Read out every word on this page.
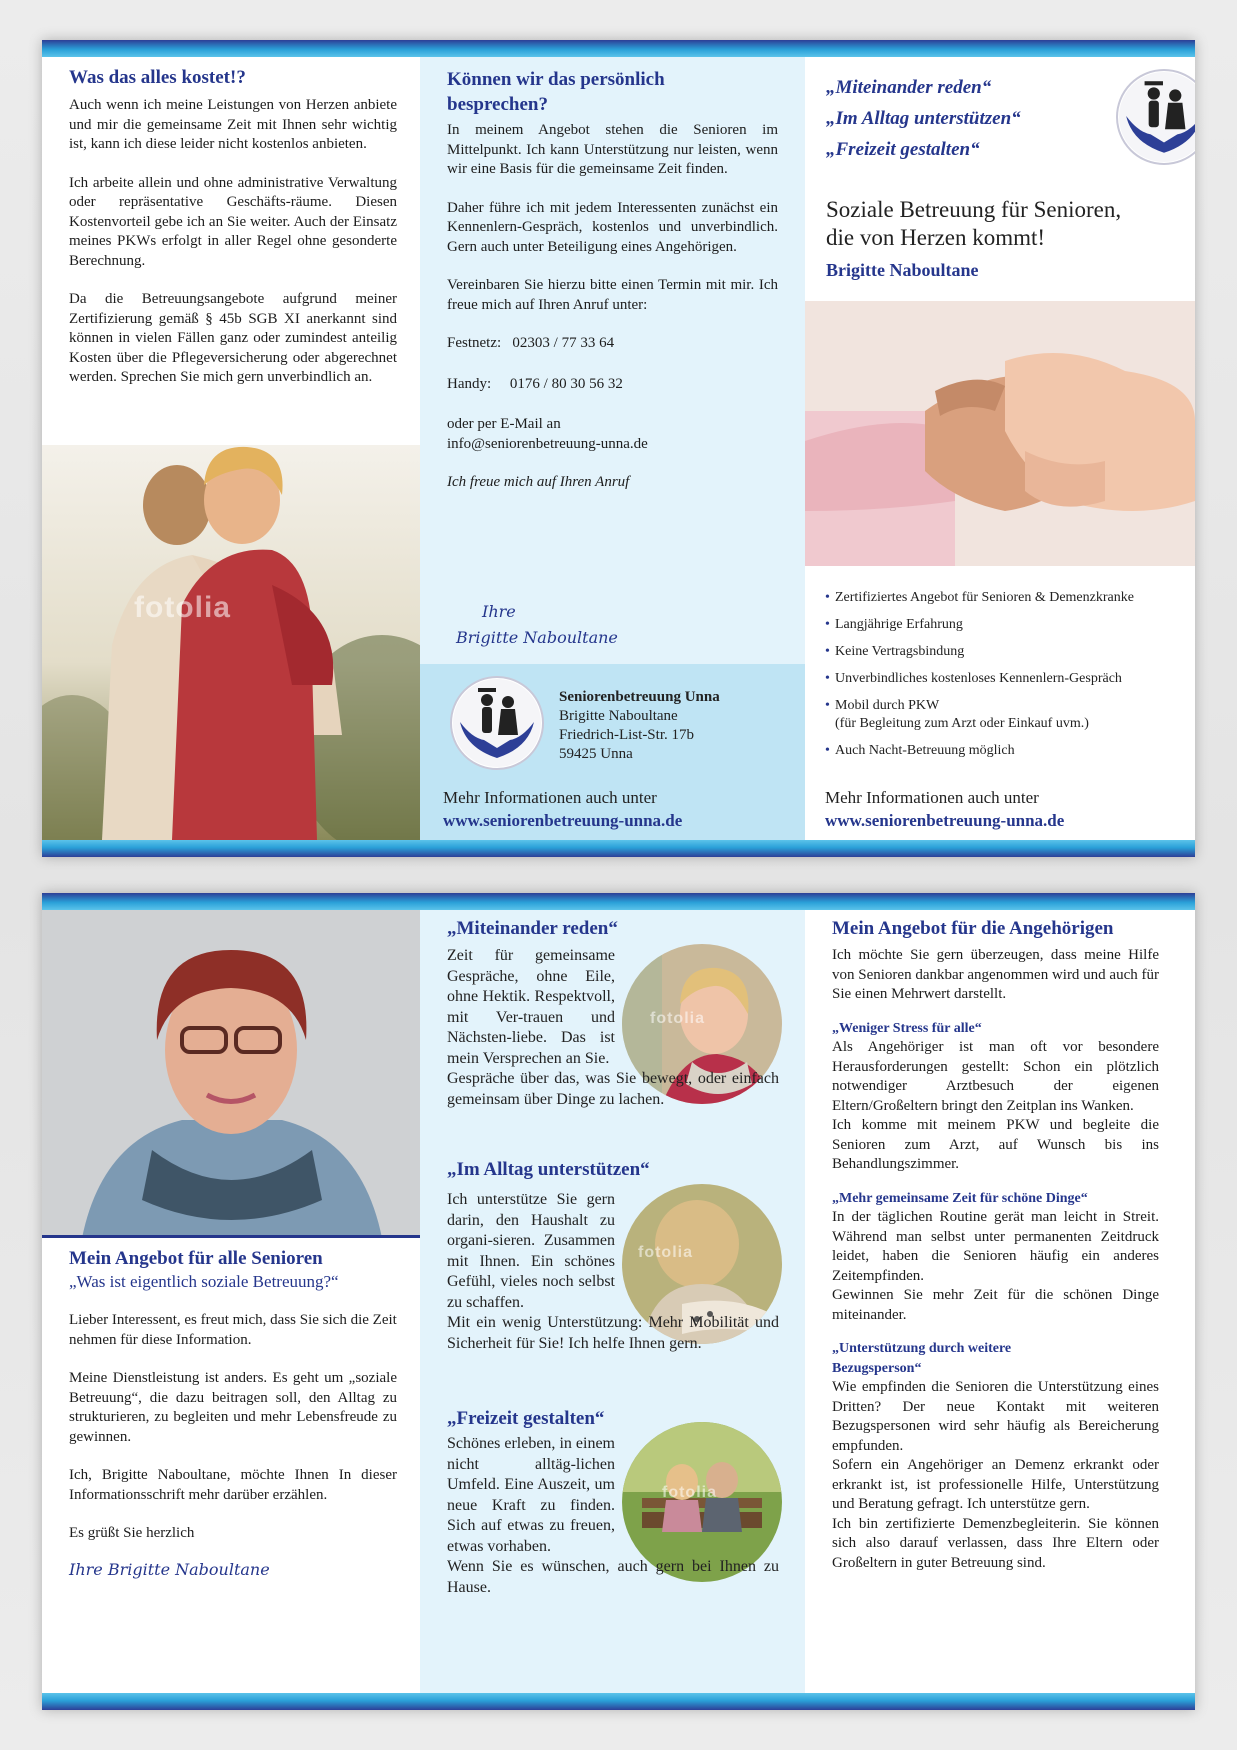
Was das alles kostet!?

Auch wenn ich meine Leistungen von Herzen anbiete und mir die gemeinsame Zeit mit Ihnen sehr wichtig ist, kann ich diese leider nicht kostenlos anbieten.

Ich arbeite allein und ohne administrative Verwaltung oder repräsentative Geschäfts-räume. Diesen Kostenvorteil gebe ich an Sie weiter. Auch der Einsatz meines PKWs erfolgt in aller Regel ohne gesonderte Berechnung.

Da die Betreuungsangebote aufgrund meiner Zertifizierung gemäß § 45b SGB XI anerkannt sind können in vielen Fällen ganz oder zumindest anteilig Kosten über die Pflegeversicherung oder abgerechnet werden. Sprechen Sie mich gern unverbindlich an.

fotolia
Können wir das persönlich besprechen?

In meinem Angebot stehen die Senioren im Mittelpunkt. Ich kann Unterstützung nur leisten, wenn wir eine Basis für die gemeinsame Zeit finden.

Daher führe ich mit jedem Interessenten zunächst ein Kennenlern-Gespräch, kostenlos und unverbindlich. Gern auch unter Beteiligung eines Angehörigen.

Vereinbaren Sie hierzu bitte einen Termin mit mir. Ich freue mich auf Ihren Anruf unter:

Festnetz: 02303 / 77 33 64

Handy: 0176 / 80 30 56 32

oder per E-Mail an
info@seniorenbetreuung-unna.de

Ich freue mich auf Ihren Anruf

Ihre
Brigitte Naboultane
Seniorenbetreuung Unna
Brigitte Naboultane
Friedrich-List-Str. 17b
59425 Unna
Mehr Informationen auch unter
www.seniorenbetreuung-unna.de
„Miteinander reden“
„Im Alltag unterstützen“
„Freizeit gestalten“
Soziale Betreuung für Senioren,
die von Herzen kommt!
Brigitte Naboultane
• Zertifiziertes Angebot für Senioren & Demenzkranke
• Langjährige Erfahrung
• Keine Vertragsbindung
• Unverbindliches kostenloses Kennenlern-Gespräch
• Mobil durch PKW
(für Begleitung zum Arzt oder Einkauf uvm.)
• Auch Nacht-Betreuung möglich
Mehr Informationen auch unter
www.seniorenbetreuung-unna.de
Mein Angebot für alle Senioren
„Was ist eigentlich soziale Betreuung?“

Lieber Interessent, es freut mich, dass Sie sich die Zeit nehmen für diese Information.

Meine Dienstleistung ist anders. Es geht um „soziale Betreuung“, die dazu beitragen soll, den Alltag zu strukturieren, zu begleiten und mehr Lebensfreude zu gewinnen.

Ich, Brigitte Naboultane, möchte Ihnen In dieser Informationsschrift mehr darüber erzählen.

Es grüßt Sie herzlich

Ihre Brigitte Naboultane
„Miteinander reden“
fotolia
Zeit für gemeinsame Gespräche, ohne Eile, ohne Hektik. Respektvoll, mit Ver-trauen und Nächsten-liebe. Das ist mein Versprechen an Sie.
Gespräche über das, was Sie bewegt, oder einfach gemeinsam über Dinge zu lachen.
„Im Alltag unterstützen“
fotolia
Ich unterstütze Sie gern darin, den Haushalt zu organi-sieren. Zusammen mit Ihnen. Ein schönes Gefühl, vieles noch selbst zu schaffen.
Mit ein wenig Unterstützung: Mehr Mobilität und Sicherheit für Sie! Ich helfe Ihnen gern.
„Freizeit gestalten“
fotolia
Schönes erleben, in einem nicht alltäg-lichen Umfeld. Eine Auszeit, um neue Kraft zu finden. Sich auf etwas zu freuen, etwas vorhaben.
Wenn Sie es wünschen, auch gern bei Ihnen zu Hause.
Mein Angebot für die Angehörigen

Ich möchte Sie gern überzeugen, dass meine Hilfe von Senioren dankbar angenommen wird und auch für Sie einen Mehrwert darstellt.

„Weniger Stress für alle“
Als Angehöriger ist man oft vor besondere Herausforderungen gestellt: Schon ein plötzlich notwendiger Arztbesuch der eigenen Eltern/Großeltern bringt den Zeitplan ins Wanken.
Ich komme mit meinem PKW und begleite die Senioren zum Arzt, auf Wunsch bis ins Behandlungszimmer.
„Mehr gemeinsame Zeit für schöne Dinge“
In der täglichen Routine gerät man leicht in Streit. Während man selbst unter permanenten Zeitdruck leidet, haben die Senioren häufig ein anderes Zeitempfinden.
Gewinnen Sie mehr Zeit für die schönen Dinge miteinander.
„Unterstützung durch weitere Bezugsperson“
Wie empfinden die Senioren die Unterstützung eines Dritten? Der neue Kontakt mit weiteren Bezugspersonen wird sehr häufig als Bereicherung empfunden.
Sofern ein Angehöriger an Demenz erkrankt oder erkrankt ist, ist professionelle Hilfe, Unterstützung und Beratung gefragt. Ich unterstütze gern.
Ich bin zertifizierte Demenzbegleiterin. Sie können sich also darauf verlassen, dass Ihre Eltern oder Großeltern in guter Betreuung sind.
